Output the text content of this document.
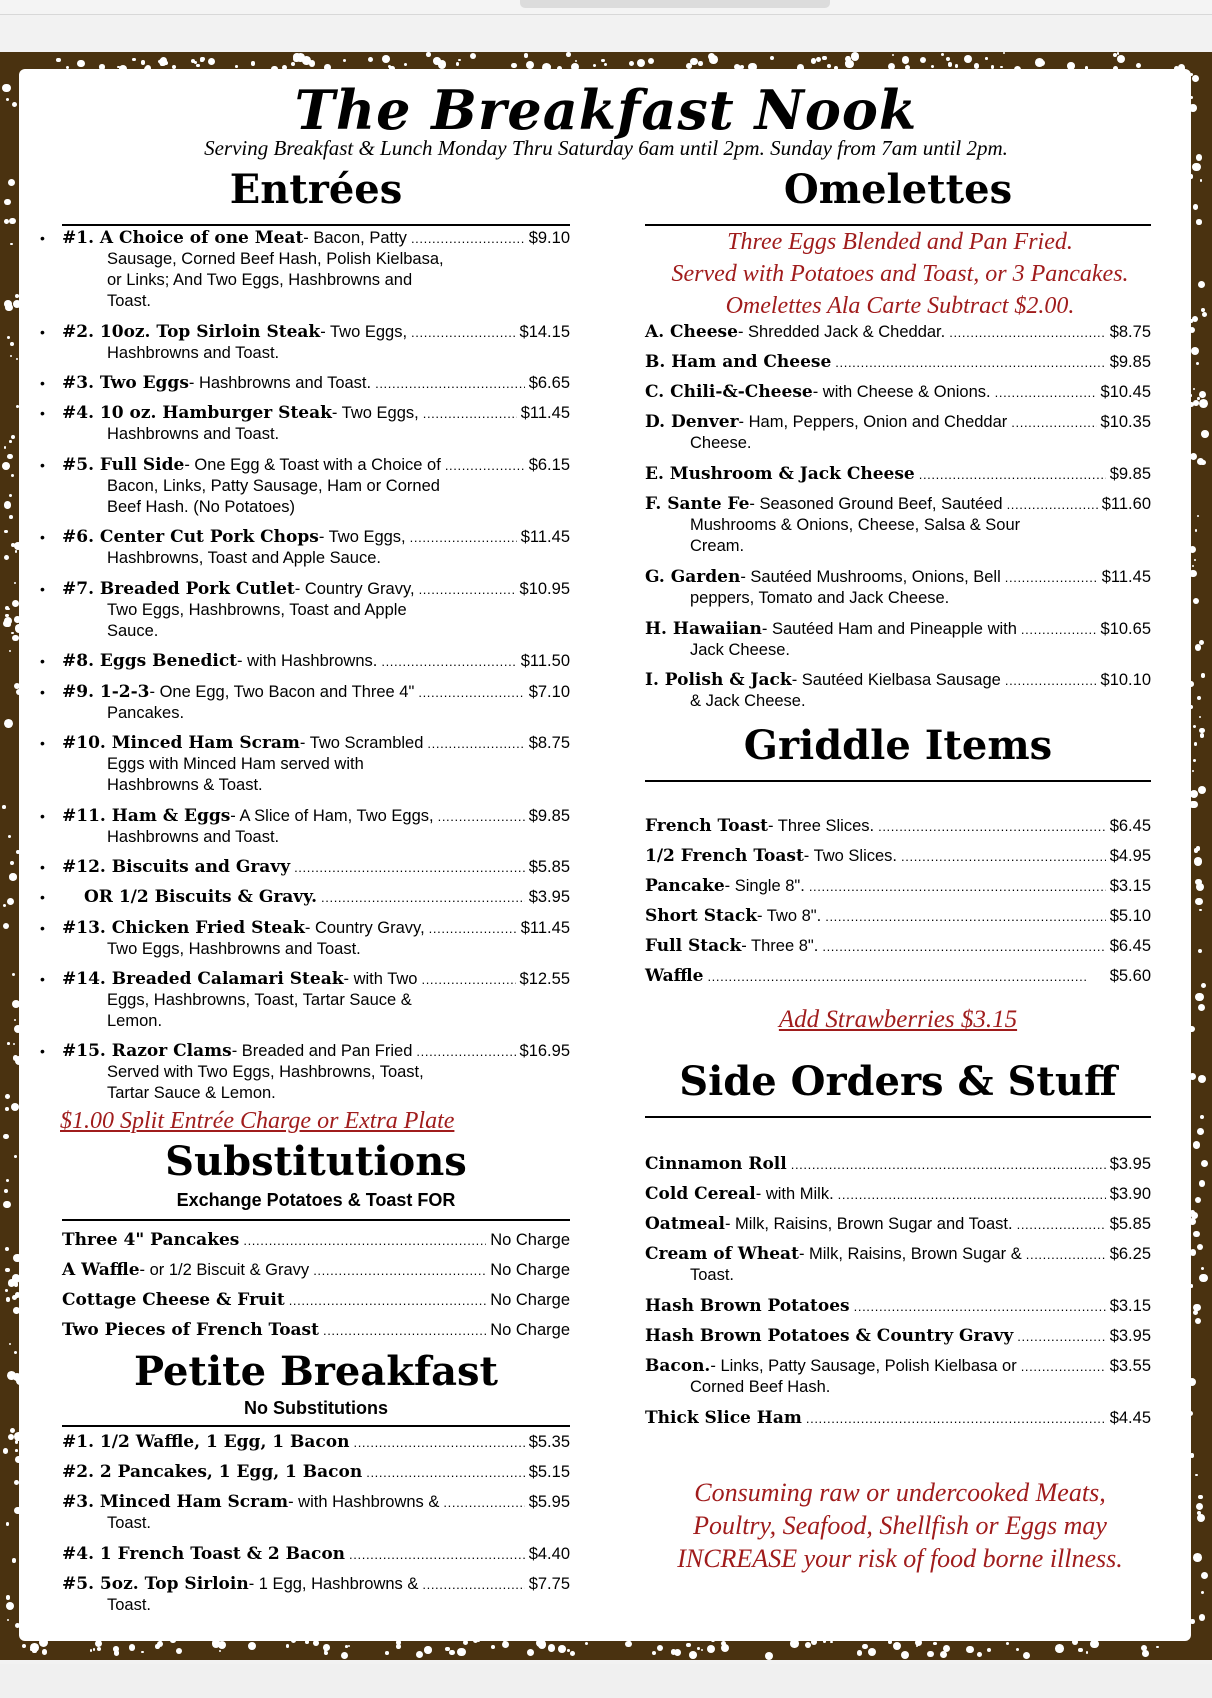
The Breakfast Nook
Serving Breakfast & Lunch Monday Thru Saturday 6am until 2pm. Sunday from 7am until 2pm.
Entrées
#1. A Choice of one Meat - Bacon, Patty . . .	$9.10
Sausage, Corned Beef Hash, Polish Kielbasa,
or Links; And Two Eggs, Hashbrowns and
Toast.
•
#2. 10oz. Top Sirloin Steak - Two Eggs, . . .	$14.15
Hashbrowns and Toast.
•
#3. Two Eggs - Hashbrowns and Toast. . . .	$6.65
•
#4. 10 oz. Hamburger Steak - Two Eggs, . . .	$11.45
Hashbrowns and Toast.
•
#5. Full Side - One Egg & Toast with a Choice of . . .	$6.15
Bacon, Links, Patty Sausage, Ham or Corned
Beef Hash. (No Potatoes)
•
#6. Center Cut Pork Chops - Two Eggs, . . .	$11.45
Hashbrowns, Toast and Apple Sauce.
•
#7. Breaded Pork Cutlet - Country Gravy, . . .	$10.95
Two Eggs, Hashbrowns, Toast and Apple
Sauce.
•
#8. Eggs Benedict - with Hashbrowns. . . .	$11.50
•
#9. 1-2-3 - One Egg, Two Bacon and Three 4" . . .	$7.10
Pancakes.
•
#10. Minced Ham Scram - Two Scrambled . . .	$8.75
Eggs with Minced Ham served with
Hashbrowns & Toast.
•
#11. Ham & Eggs - A Slice of Ham, Two Eggs, . . .	$9.85
Hashbrowns and Toast.
•
#12. Biscuits and Gravy . . .	$5.85
•
OR 1/2 Biscuits & Gravy. . . .	$3.95
•
#13. Chicken Fried Steak - Country Gravy, . . .	$11.45
Two Eggs, Hashbrowns and Toast.
•
#14. Breaded Calamari Steak - with Two . . .	$12.55
Eggs, Hashbrowns, Toast, Tartar Sauce &
Lemon.
•
#15. Razor Clams - Breaded and Pan Fried . . .	$16.95
Served with Two Eggs, Hashbrowns, Toast,
Tartar Sauce & Lemon.
•
$1.00 Split Entrée Charge or Extra Plate
Substitutions
Exchange Potatoes & Toast FOR
Three 4" Pancakes . . .	No Charge
A Waffle - or 1/2 Biscuit & Gravy . . .	No Charge
Cottage Cheese & Fruit . . .	No Charge
Two Pieces of French Toast . . .	No Charge
Petite Breakfast
No Substitutions
#1. 1/2 Waffle, 1 Egg, 1 Bacon . . .	$5.35
#2. 2 Pancakes, 1 Egg, 1 Bacon . . .	$5.15
#3. Minced Ham Scram - with Hashbrowns & . . .	$5.95
Toast.
#4. 1 French Toast & 2 Bacon . . .	$4.40
#5. 5oz. Top Sirloin - 1 Egg, Hashbrowns & . . .	$7.75
Toast.
Omelettes
Three Eggs Blended and Pan Fried.
Served with Potatoes and Toast, or 3 Pancakes.
Omelettes Ala Carte Subtract $2.00.
A. Cheese - Shredded Jack & Cheddar. . . .	$8.75
B. Ham and Cheese . . .	$9.85
C. Chili-&-Cheese - with Cheese & Onions. . . .	$10.45
D. Denver - Ham, Peppers, Onion and Cheddar . . .	$10.35
Cheese.
E. Mushroom & Jack Cheese . . .	$9.85
F. Sante Fe - Seasoned Ground Beef, Sautéed . . .	$11.60
Mushrooms & Onions, Cheese, Salsa & Sour
Cream.
G. Garden - Sautéed Mushrooms, Onions, Bell . . .	$11.45
peppers, Tomato and Jack Cheese.
H. Hawaiian - Sautéed Ham and Pineapple with . . .	$10.65
Jack Cheese.
I. Polish & Jack - Sautéed Kielbasa Sausage . . .	$10.10
& Jack Cheese.
Griddle Items
French Toast - Three Slices. . . .	$6.45
1/2 French Toast - Two Slices. . . .	$4.95
Pancake - Single 8". . . .	$3.15
Short Stack - Two 8". . . .	$5.10
Full Stack - Three 8". . . .	$6.45
Waffle . . .	$5.60
Add Strawberries $3.15
Side Orders & Stuff
Cinnamon Roll . . .	$3.95
Cold Cereal - with Milk. . . .	$3.90
Oatmeal - Milk, Raisins, Brown Sugar and Toast. . . .	$5.85
Cream of Wheat - Milk, Raisins, Brown Sugar & . . .	$6.25
Toast.
Hash Brown Potatoes . . .	$3.15
Hash Brown Potatoes & Country Gravy . . .	$3.95
Bacon. - Links, Patty Sausage, Polish Kielbasa or . . .	$3.55
Corned Beef Hash.
Thick Slice Ham . . .	$4.45
Consuming raw or undercooked Meats,
Poultry, Seafood, Shellfish or Eggs may
INCREASE your risk of food borne illness.
